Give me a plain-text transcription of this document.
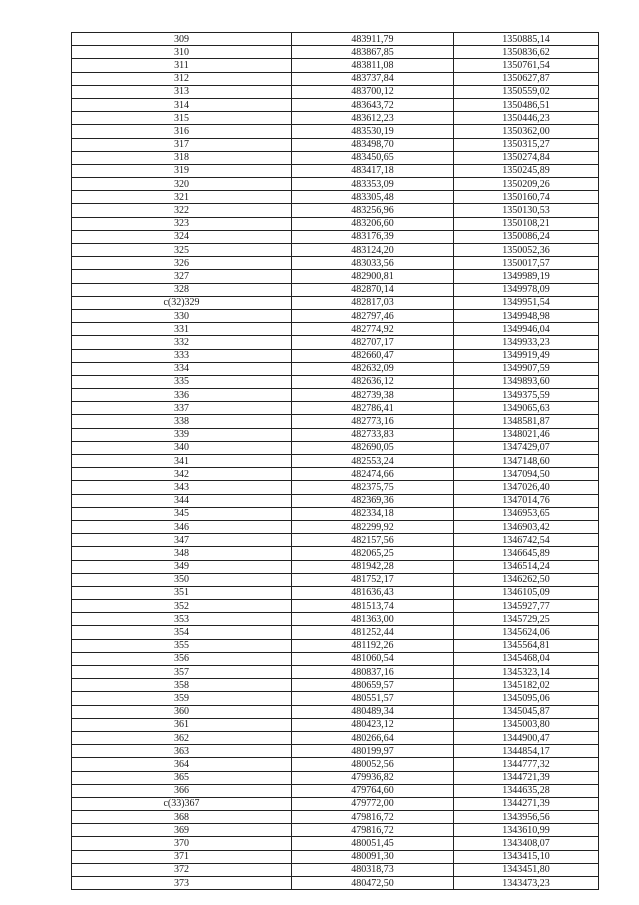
309	483911,79	1350885,14
310	483867,85	1350836,62
311	483811,08	1350761,54
312	483737,84	1350627,87
313	483700,12	1350559,02
314	483643,72	1350486,51
315	483612,23	1350446,23
316	483530,19	1350362,00
317	483498,70	1350315,27
318	483450,65	1350274,84
319	483417,18	1350245,89
320	483353,09	1350209,26
321	483305,48	1350160,74
322	483256,96	1350130,53
323	483206,60	1350108,21
324	483176,39	1350086,24
325	483124,20	1350052,36
326	483033,56	1350017,57
327	482900,81	1349989,19
328	482870,14	1349978,09
с(32)329	482817,03	1349951,54
330	482797,46	1349948,98
331	482774,92	1349946,04
332	482707,17	1349933,23
333	482660,47	1349919,49
334	482632,09	1349907,59
335	482636,12	1349893,60
336	482739,38	1349375,59
337	482786,41	1349065,63
338	482773,16	1348581,87
339	482733,83	1348021,46
340	482690,05	1347429,07
341	482553,24	1347148,60
342	482474,66	1347094,50
343	482375,75	1347026,40
344	482369,36	1347014,76
345	482334,18	1346953,65
346	482299,92	1346903,42
347	482157,56	1346742,54
348	482065,25	1346645,89
349	481942,28	1346514,24
350	481752,17	1346262,50
351	481636,43	1346105,09
352	481513,74	1345927,77
353	481363,00	1345729,25
354	481252,44	1345624,06
355	481192,26	1345564,81
356	481060,54	1345468,04
357	480837,16	1345323,14
358	480659,57	1345182,02
359	480551,57	1345095,06
360	480489,34	1345045,87
361	480423,12	1345003,80
362	480266,64	1344900,47
363	480199,97	1344854,17
364	480052,56	1344777,32
365	479936,82	1344721,39
366	479764,60	1344635,28
с(33)367	479772,00	1344271,39
368	479816,72	1343956,56
369	479816,72	1343610,99
370	480051,45	1343408,07
371	480091,30	1343415,10
372	480318,73	1343451,80
373	480472,50	1343473,23
